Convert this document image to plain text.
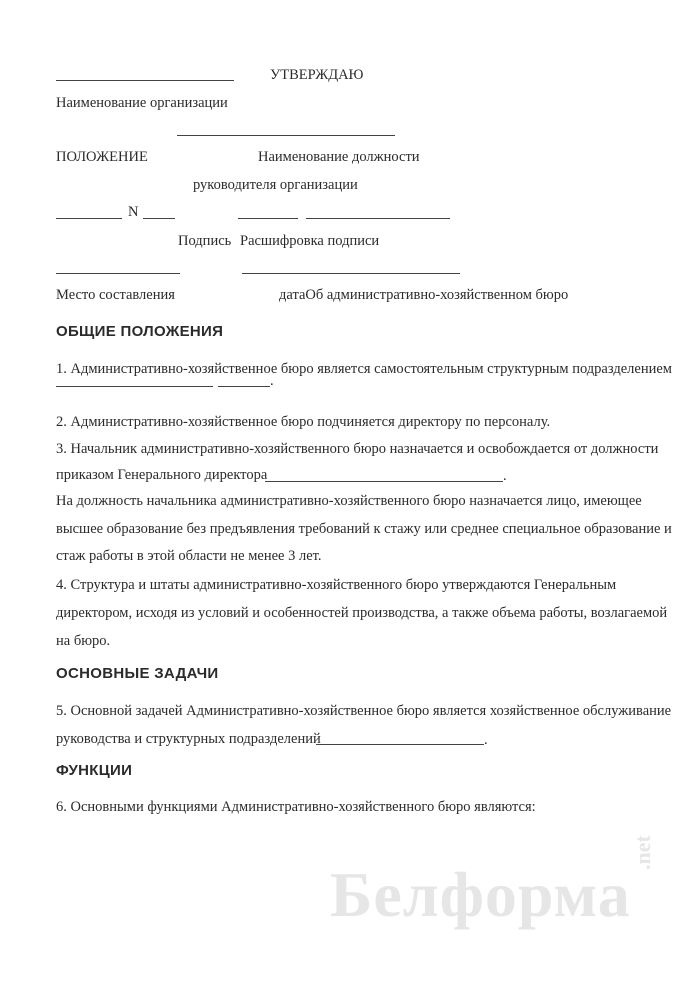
УТВЕРЖДАЮ
Наименование организации
ПОЛОЖЕНИЕ	Наименование должности
руководителя организации
N
Подпись Расшифровка подписи
Место составления	датаОб административно-хозяйственном бюро
ОБЩИЕ ПОЛОЖЕНИЯ
1. Административно-хозяйственное бюро является самостоятельным структурным подразделением
.
2. Административно-хозяйственное бюро подчиняется директору по персоналу.
3. Начальник административно-хозяйственного бюро назначается и освобождается от должности
приказом Генерального директора	.
На должность начальника административно-хозяйственного бюро назначается лицо, имеющее
высшее образование без предъявления требований к стажу или среднее специальное образование и
стаж работы в этой области не менее 3 лет.
4. Структура и штаты административно-хозяйственного бюро утверждаются Генеральным
директором, исходя из условий и особенностей производства, а также объема работы, возлагаемой
на бюро.
ОСНОВНЫЕ ЗАДАЧИ
5. Основной задачей Административно-хозяйственное бюро является хозяйственное обслуживание
руководства и структурных подразделений	.
ФУНКЦИИ
6. Основными функциями Административно-хозяйственного бюро являются:
Белформа
.net
